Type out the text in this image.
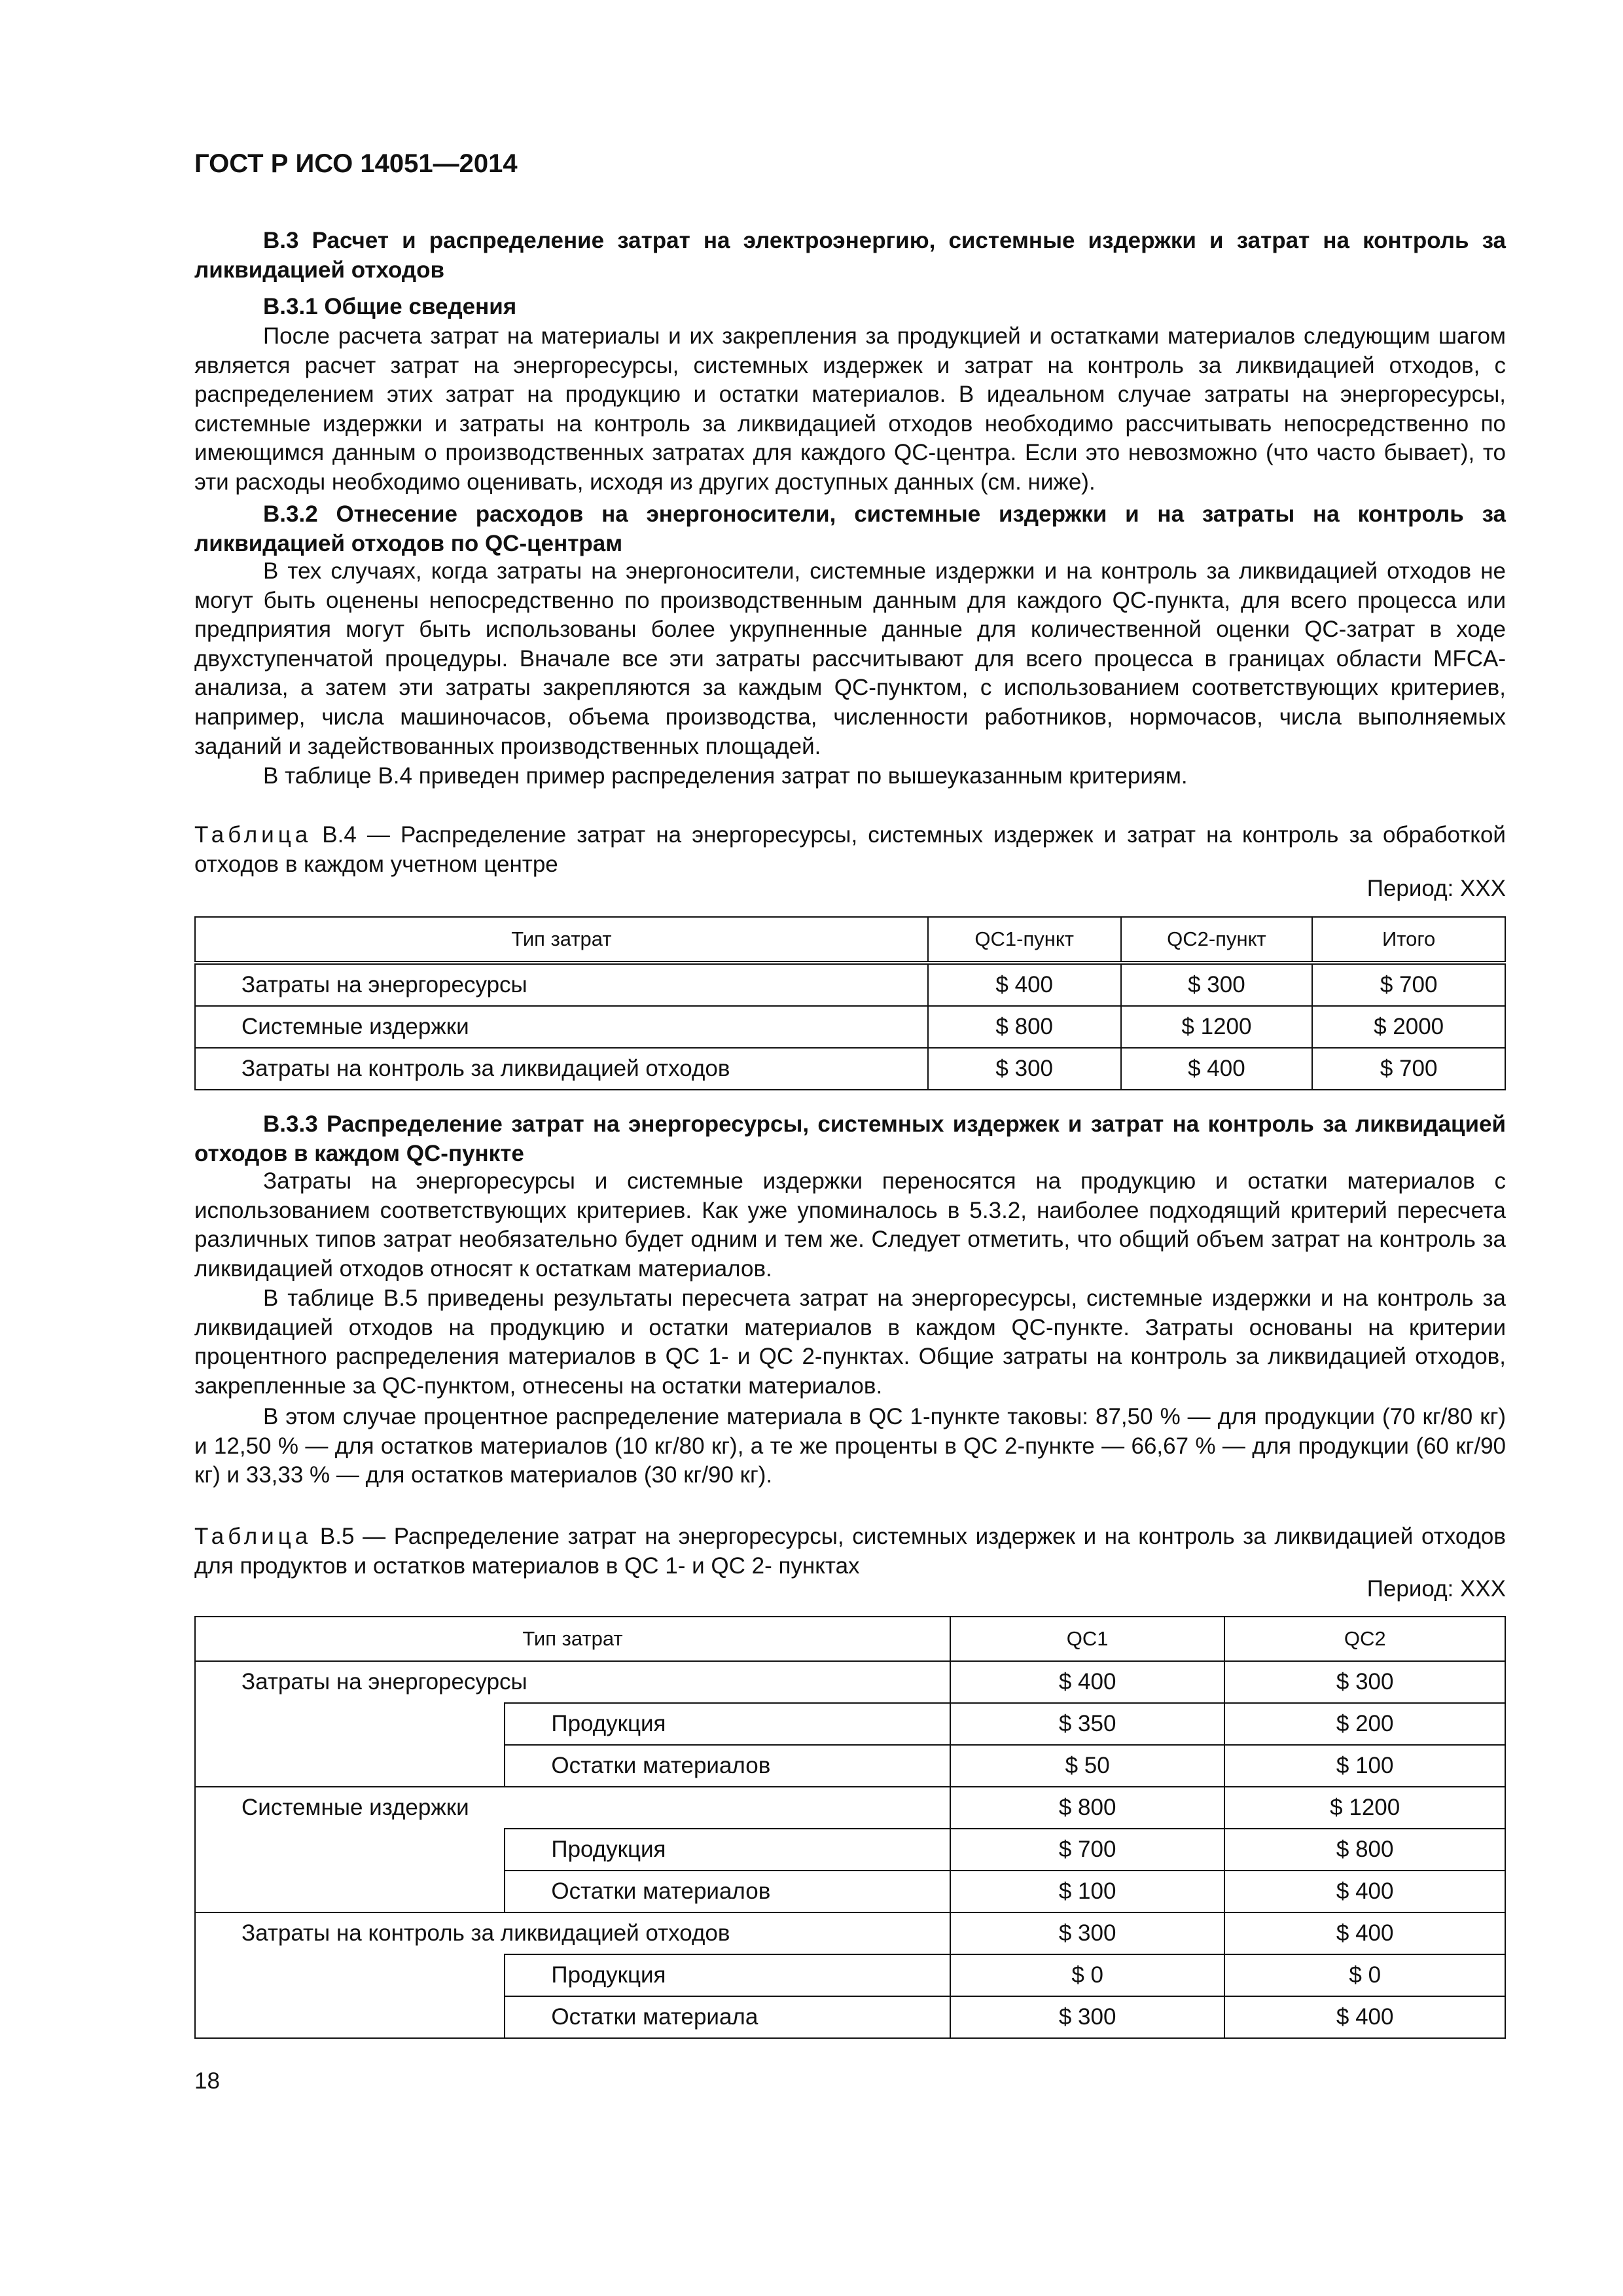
ГОСТ Р ИСО 14051—2014
В.3 Расчет и распределение затрат на электроэнергию, системные издержки и затрат на контроль за ликвидацией отходов
В.3.1 Общие сведения

После расчета затрат на материалы и их закрепления за продукцией и остатками материалов следующим шагом является расчет затрат на энергоресурсы, системных издержек и затрат на контроль за ликвидацией отходов, с распределением этих затрат на продукцию и остатки материалов. В идеальном случае затраты на энергоресурсы, системные издержки и затраты на контроль за ликвидацией отходов необходимо рассчитывать непосредственно по имеющимся данным о производственных затратах для каждого QC-центра. Если это невозможно (что часто бывает), то эти расходы необходимо оценивать, исходя из других доступных данных (см. ниже).

В.3.2 Отнесение расходов на энергоносители, системные издержки и на затраты на контроль за ликвидацией отходов по QC-центрам

В тех случаях, когда затраты на энергоносители, системные издержки и на контроль за ликвидацией отходов не могут быть оценены непосредственно по производственным данным для каждого QC-пункта, для всего процесса или предприятия могут быть использованы более укрупненные данные для количественной оценки QC-затрат в ходе двухступенчатой процедуры. Вначале все эти затраты рассчитывают для всего процесса в границах области MFCA-анализа, а затем эти затраты закрепляются за каждым QC-пунктом, с использованием соответствующих критериев, например, числа машиночасов, объема производства, численности работников, нормочасов, числа выполняемых заданий и задействованных производственных площадей.

В таблице В.4 приведен пример распределения затрат по вышеуказанным критериям.

Таблица В.4 — Распределение затрат на энергоресурсы, системных издержек и затрат на контроль за обработкой отходов в каждом учетном центре

Период: XXX
Тип затрат	QC1-пункт	QC2-пункт	Итого
Затраты на энергоресурсы	$ 400	$ 300	$ 700
Системные издержки	$ 800	$ 1200	$ 2000
Затраты на контроль за ликвидацией отходов	$ 300	$ 400	$ 700
В.3.3 Распределение затрат на энергоресурсы, системных издержек и затрат на контроль за ликвидацией отходов в каждом QC-пункте

Затраты на энергоресурсы и системные издержки переносятся на продукцию и остатки материалов с использованием соответствующих критериев. Как уже упоминалось в 5.3.2, наиболее подходящий критерий пересчета различных типов затрат необязательно будет одним и тем же. Следует отметить, что общий объем затрат на контроль за ликвидацией отходов относят к остаткам материалов.

В таблице В.5 приведены результаты пересчета затрат на энергоресурсы, системные издержки и на контроль за ликвидацией отходов на продукцию и остатки материалов в каждом QC-пункте. Затраты основаны на критерии процентного распределения материалов в QC 1- и QC 2-пунктах. Общие затраты на контроль за ликвидацией отходов, закрепленные за QC-пунктом, отнесены на остатки материалов.

В этом случае процентное распределение материала в QC 1-пункте таковы: 87,50 % — для продукции (70 кг/80 кг) и 12,50 % — для остатков материалов (10 кг/80 кг), а те же проценты в QC 2-пункте — 66,67 % — для продукции (60 кг/90 кг) и 33,33 % — для остатков материалов (30 кг/90 кг).

Таблица В.5 — Распределение затрат на энергоресурсы, системных издержек и на контроль за ликвидацией отходов для продуктов и остатков материалов в QC 1- и QC 2- пунктах

Период: XXX
Тип затрат		QC1	QC2
Затраты на энергоресурсы		$ 400	$ 300
	Продукция	$ 350	$ 200
	Остатки материалов	$ 50	$ 100
Системные издержки		$ 800	$ 1200
	Продукция	$ 700	$ 800
	Остатки материалов	$ 100	$ 400
Затраты на контроль за ликвидацией отходов		$ 300	$ 400
	Продукция	$ 0	$ 0
	Остатки материала	$ 300	$ 400
18
